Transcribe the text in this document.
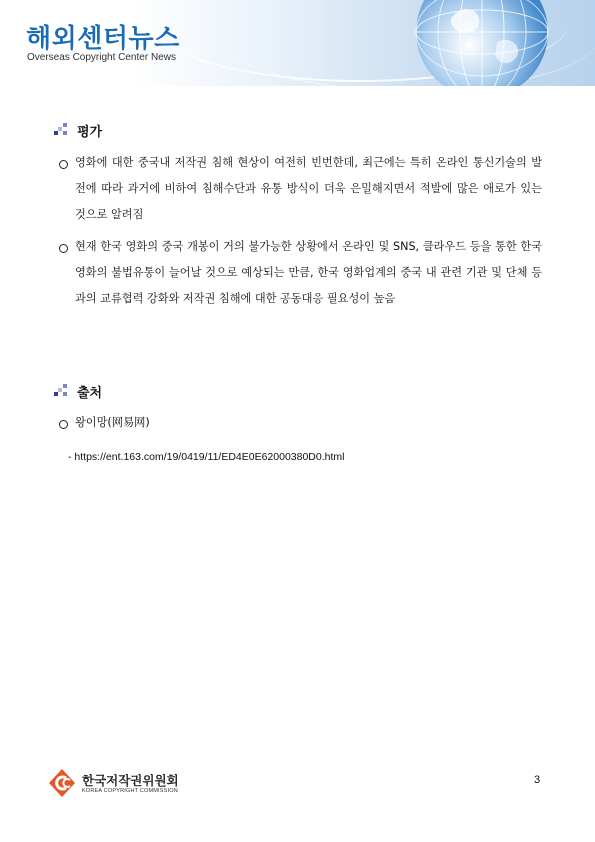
해외센터뉴스
Overseas Copyright Center News
평가
영화에 대한 중국내 저작권 침해 현상이 여전히 빈번한데, 최근에는 특히 온라인 통신기술의 발전에 따라 과거에 비하여 침해수단과 유통 방식이 더욱 은밀해지면서 적발에 많은 애로가 있는 것으로 알려짐
현재 한국 영화의 중국 개봉이 거의 불가능한 상황에서 온라인 및 SNS, 클라우드 등을 통한 한국 영화의 불법유통이 늘어날 것으로 예상되는 만큼, 한국 영화업계의 중국 내 관련 기관 및 단체 등과의 교류협력 강화와 저작권 침해에 대한 공동대응 필요성이 높음
출처
왕이망(网易网)
- https://ent.163.com/19/0419/11/ED4E0E62000380D0.html
한국저작권위원회
KOREA COPYRIGHT COMMISSION
3
